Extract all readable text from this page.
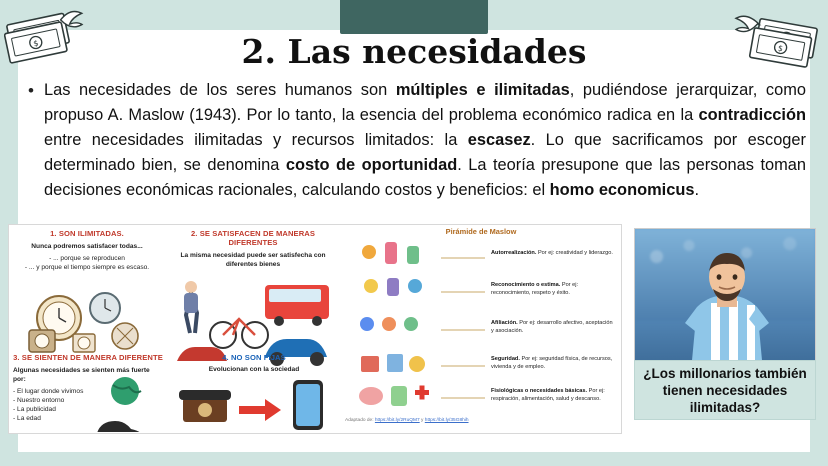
$
$
2. Las necesidades
• Las necesidades de los seres humanos son múltiples e ilimitadas, pudiéndose jerarquizar, como propuso A. Maslow (1943). Por lo tanto, la esencia del problema económico radica en la contradicción entre necesidades ilimitadas y recursos limitados: la escasez. Lo que sacrificamos por escoger determinado bien, se denomina costo de oportunidad. La teoría presupone que las personas toman decisiones económicas racionales, calculando costos y beneficios: el homo economicus.
1. SON ILIMITADAS.
Nunca podremos satisfacer todas...
- ... porque se reproducen
- ... y porque el tiempo siempre es escaso.
2. SE SATISFACEN DE MANERAS DIFERENTES
La misma necesidad puede ser satisfecha con diferentes bienes
3. SE SIENTEN DE MANERA DIFERENTE
Algunas necesidades se sienten más fuerte por:
- El lugar donde vivimos
- Nuestro entorno
- La publicidad
- La edad
4. NO SON FIJAS
Evolucionan con la sociedad
Pirámide de Maslow
Autorrealización. Por ej: creatividad y liderazgo.
Reconocimiento o estima. Por ej: reconocimiento, respeto y éxito.
Afiliación. Por ej: desarrollo afectivo, aceptación y asociación.
Seguridad. Por ej: seguridad física, de recursos, vivienda y de empleo.
Fisiológicas o necesidades básicas. Por ej: respiración, alimentación, salud y descanso.
Adaptado de: https://bit.ly/2RuQM7 y https://bit.ly/35G8hih
¿Los millonarios también tienen necesidades ilimitadas?
